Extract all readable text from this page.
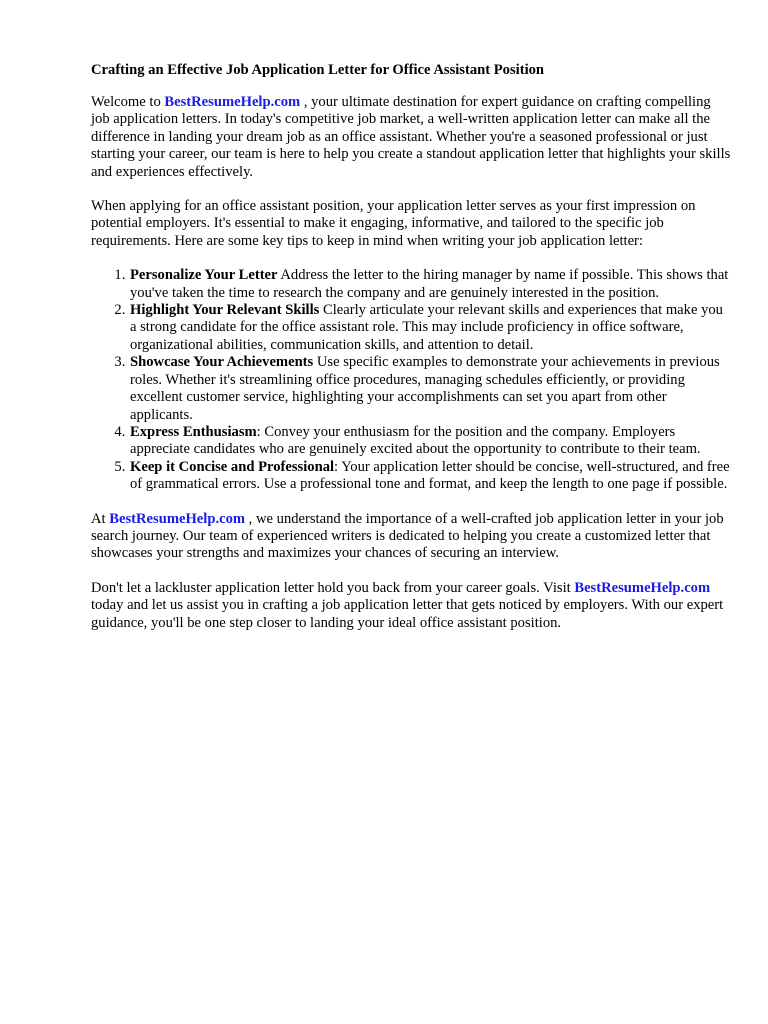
Crafting an Effective Job Application Letter for Office Assistant Position

Welcome to BestResumeHelp.com , your ultimate destination for expert guidance on crafting compelling job application letters. In today's competitive job market, a well-written application letter can make all the difference in landing your dream job as an office assistant. Whether you're a seasoned professional or just starting your career, our team is here to help you create a standout application letter that highlights your skills and experiences effectively.

When applying for an office assistant position, your application letter serves as your first impression on potential employers. It's essential to make it engaging, informative, and tailored to the specific job requirements. Here are some key tips to keep in mind when writing your job application letter:

1. Personalize Your Letter Address the letter to the hiring manager by name if possible. This shows that you've taken the time to research the company and are genuinely interested in the position.
2. Highlight Your Relevant Skills Clearly articulate your relevant skills and experiences that make you a strong candidate for the office assistant role. This may include proficiency in office software, organizational abilities, communication skills, and attention to detail.
3. Showcase Your Achievements Use specific examples to demonstrate your achievements in previous roles. Whether it's streamlining office procedures, managing schedules efficiently, or providing excellent customer service, highlighting your accomplishments can set you apart from other applicants.
4. Express Enthusiasm: Convey your enthusiasm for the position and the company. Employers appreciate candidates who are genuinely excited about the opportunity to contribute to their team.
5. Keep it Concise and Professional: Your application letter should be concise, well-structured, and free of grammatical errors. Use a professional tone and format, and keep the length to one page if possible.

At BestResumeHelp.com , we understand the importance of a well-crafted job application letter in your job search journey. Our team of experienced writers is dedicated to helping you create a customized letter that showcases your strengths and maximizes your chances of securing an interview.

Don't let a lackluster application letter hold you back from your career goals. Visit BestResumeHelp.com today and let us assist you in crafting a job application letter that gets noticed by employers. With our expert guidance, you'll be one step closer to landing your ideal office assistant position.
